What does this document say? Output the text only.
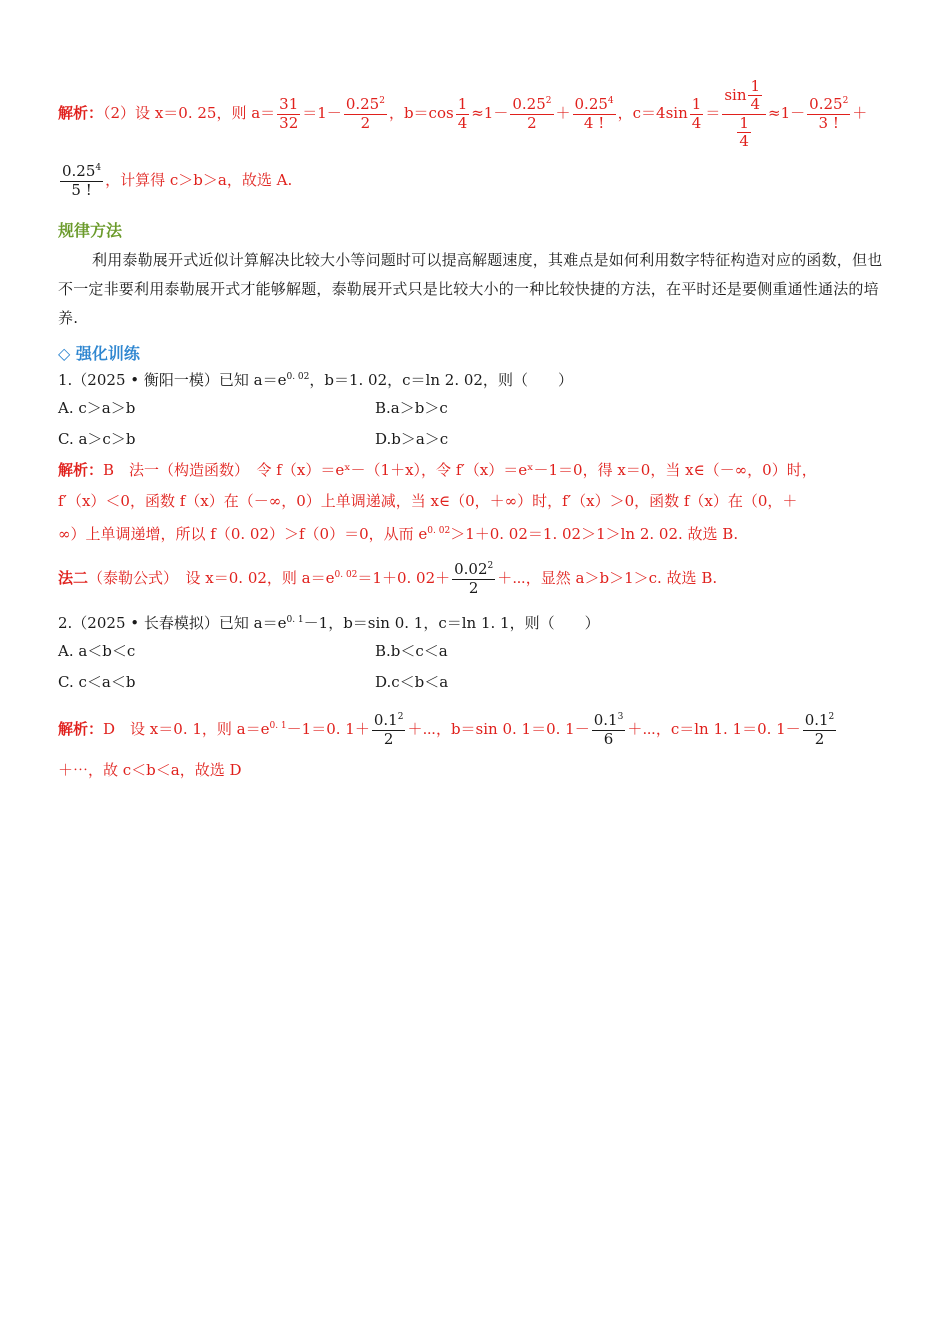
解析：（2）设 x＝0. 25，则 $a= \frac{31}{32} =1- \frac{0.25^2}{2}$ ，$b=\cos \frac{1}{4} \approx 1- \frac{0.25^2}{2} + \frac{0.25^4}{4 !}$ ，$c=4\sin \frac{1}{4} = \frac{\sin \frac{1}{4}}{\frac{1}{4}} \approx 1- \frac{0.25^2}{3 !}$ ＋
$\frac{0.25^4}{5 !}$ ，计算得 c＞b＞a，故选 A.
规律方法
利用泰勒展开式近似计算解决比较大小等问题时可以提高解题速度，其难点是如何利用数字特征构造对应的函数，但也不一定非要利用泰勒展开式才能够解题，泰勒展开式只是比较大小的一种比较快捷的方法，在平时还是要侧重通性通法的培养.
◇ 强化训练
1.（2025 • 衡阳一模）已知 $a=e^{0. 02}$，b＝1. 02，c＝ln 2. 02，则（　　）
A. c＞a＞b	B.a＞b＞c
C. a＞c＞b	D.b＞a＞c
解析：B　法一（构造函数）　令 f（x）＝eˣ－（1＋x），令 f′（x）＝eˣ－1＝0，得 x＝0，当 x∈（－∞，0）时，
f′（x）＜0，函数 f（x）在（－∞，0）上单调递减，当 x∈（0，＋∞）时，f′（x）＞0，函数 f（x）在（0，＋
∞）上单调递增，所以 f（0. 02）＞f（0）＝0，从而 $e^{0. 02}>1+0$. 02＝1. 02＞1＞ln 2. 02. 故选 B.
法二（泰勒公式）　设 x＝0. 02，则 $a=e^{0. 02}=1+0$. $02+ \frac{0.02^2}{2}$ ＋⋯，显然 a＞b＞1＞c. 故选 B.
2.（2025 • 长春模拟）已知 $a=e^{0. 1}-1$，b＝sin 0. 1，c＝ln 1. 1，则（　　）
A. a＜b＜c	B.b＜c＜a
C. c＜a＜b	D.c＜b＜a
解析：D　设 x＝0. 1，则 $a=e^{0. 1}-1=0$. $1+ \frac{0.1^2}{2}$ ＋⋯，b＝sin 0. 1＝0. $1- \frac{0.1^3}{6}$ ＋⋯，c＝ln 1. 1＝0. $1- \frac{0.1^2}{2}$
＋⋯，故 c＜b＜a，故选 D
